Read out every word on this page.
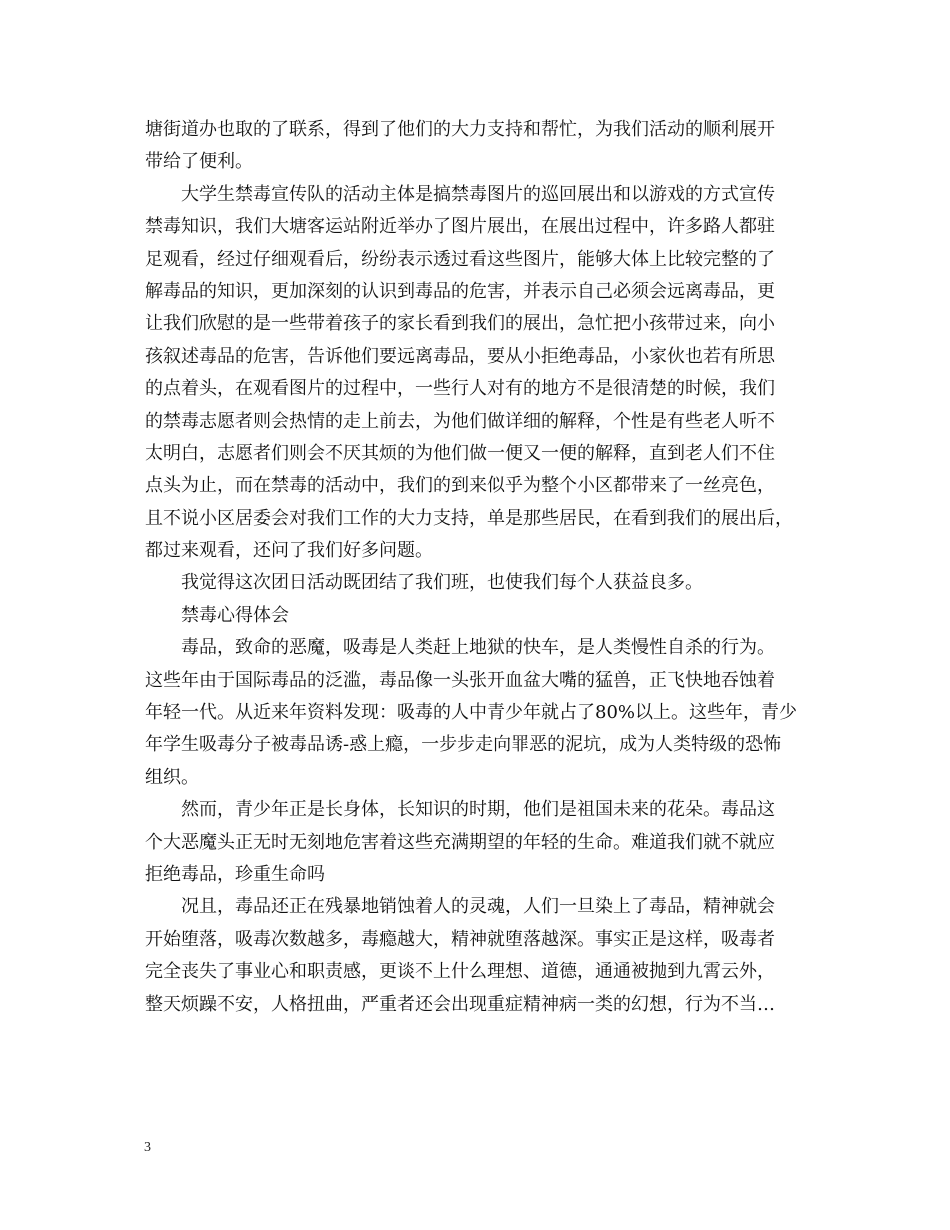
塘街道办也取的了联系，得到了他们的大力支持和帮忙，为我们活动的顺利展开
带给了便利。
大学生禁毒宣传队的活动主体是搞禁毒图片的巡回展出和以游戏的方式宣传
禁毒知识，我们大塘客运站附近举办了图片展出，在展出过程中，许多路人都驻
足观看，经过仔细观看后，纷纷表示透过看这些图片，能够大体上比较完整的了
解毒品的知识，更加深刻的认识到毒品的危害，并表示自己必须会远离毒品，更
让我们欣慰的是一些带着孩子的家长看到我们的展出，急忙把小孩带过来，向小
孩叙述毒品的危害，告诉他们要远离毒品，要从小拒绝毒品，小家伙也若有所思
的点着头，在观看图片的过程中，一些行人对有的地方不是很清楚的时候，我们
的禁毒志愿者则会热情的走上前去，为他们做详细的解释，个性是有些老人听不
太明白，志愿者们则会不厌其烦的为他们做一便又一便的解释，直到老人们不住
点头为止，而在禁毒的活动中，我们的到来似乎为整个小区都带来了一丝亮色，
且不说小区居委会对我们工作的大力支持，单是那些居民，在看到我们的展出后，
都过来观看，还问了我们好多问题。
我觉得这次团日活动既团结了我们班，也使我们每个人获益良多。
禁毒心得体会
毒品，致命的恶魔，吸毒是人类赶上地狱的快车，是人类慢性自杀的行为。
这些年由于国际毒品的泛滥，毒品像一头张开血盆大嘴的猛兽，正飞快地吞蚀着
年轻一代。从近来年资料发现：吸毒的人中青少年就占了80%以上。这些年，青少
年学生吸毒分子被毒品诱-惑上瘾，一步步走向罪恶的泥坑，成为人类特级的恐怖
组织。
然而，青少年正是长身体，长知识的时期，他们是祖国未来的花朵。毒品这
个大恶魔头正无时无刻地危害着这些充满期望的年轻的生命。难道我们就不就应
拒绝毒品，珍重生命吗
况且，毒品还正在残暴地销蚀着人的灵魂，人们一旦染上了毒品，精神就会
开始堕落，吸毒次数越多，毒瘾越大，精神就堕落越深。事实正是这样，吸毒者
完全丧失了事业心和职责感，更谈不上什么理想、道德，通通被抛到九霄云外，
整天烦躁不安，人格扭曲，严重者还会出现重症精神病一类的幻想，行为不当…
3
